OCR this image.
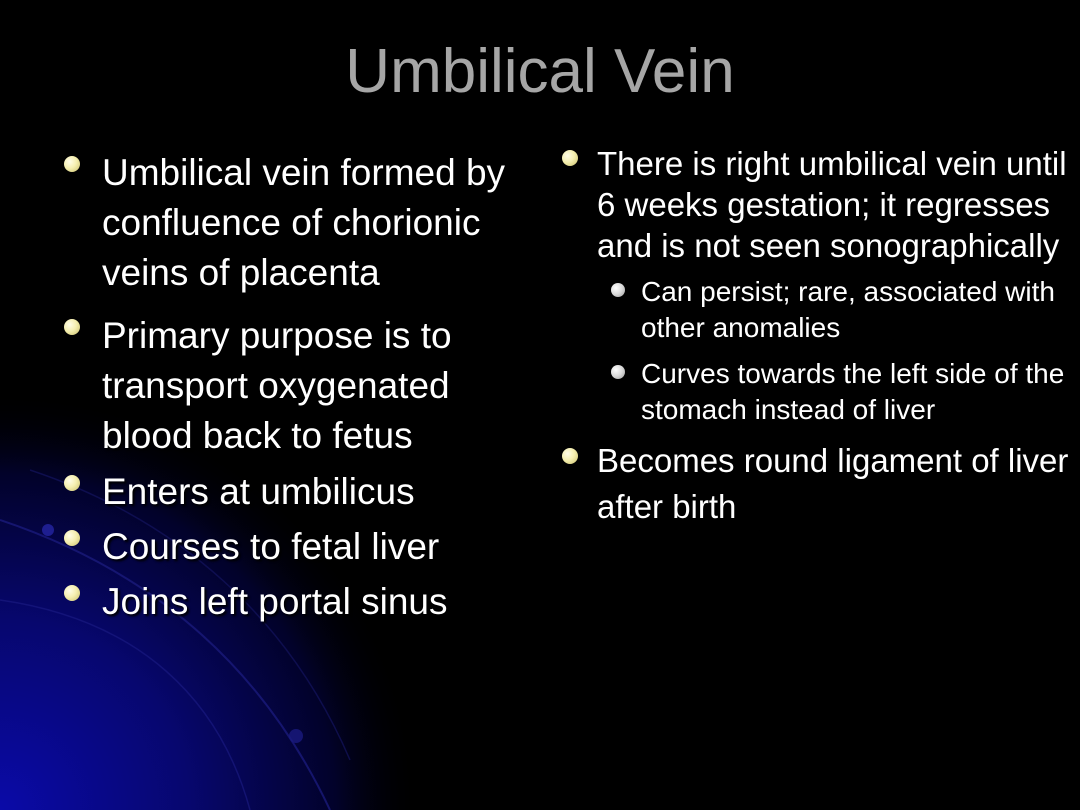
Umbilical Vein
Umbilical vein formed by confluence of chorionic veins of placenta
Primary purpose is to transport oxygenated blood back to fetus
Enters at umbilicus
Courses to fetal liver
Joins left portal sinus
There is right umbilical vein until 6 weeks gestation; it regresses and is not seen sonographically
Can persist; rare, associated with other anomalies
Curves towards the left side of the stomach instead of liver
Becomes round ligament of liver after birth
